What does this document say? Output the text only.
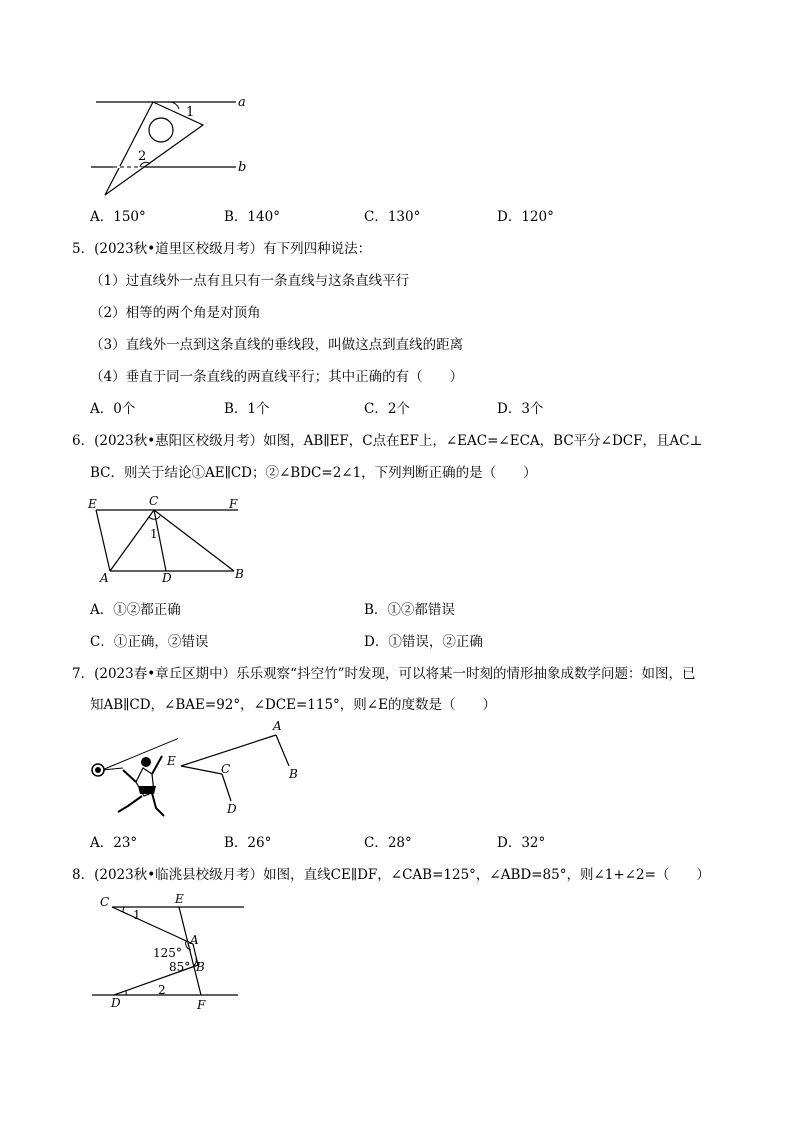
1
2
a
b
A．150°	B．140°	C．130°	D．120°
5．(2023秋•道里区校级月考）有下列四种说法：
（1）过直线外一点有且只有一条直线与这条直线平行
（2）相等的两个角是对顶角
（3）直线外一点到这条直线的垂线段，叫做这点到直线的距离
（4）垂直于同一条直线的两直线平行；其中正确的有（　　）
A．0个	B．1个	C．2个	D．3个
6．(2023秋•惠阳区校级月考）如图，AB∥EF，C点在EF上，∠EAC=∠ECA，BC平分∠DCF，且AC⊥
BC．则关于结论①AE∥CD；②∠BDC=2∠1，下列判断正确的是（　　）
E	C	F
A	D	B
1
A．①②都正确	B．①②都错误
C．①正确，②错误	D．①错误，②正确
7．(2023春•章丘区期中）乐乐观察“抖空竹”时发现，可以将某一时刻的情形抽象成数学问题：如图，已
知AB∥CD，∠BAE=92°，∠DCE=115°，则∠E的度数是（　　）
A
B
C
D
E
A．23°	B．26°	C．28°	D．32°
8．(2023秋•临洮县校级月考）如图，直线CE∥DF，∠CAB=125°，∠ABD=85°，则∠1+∠2=（　　）
C	E
A
B
D	F
1
2
125°
85°
